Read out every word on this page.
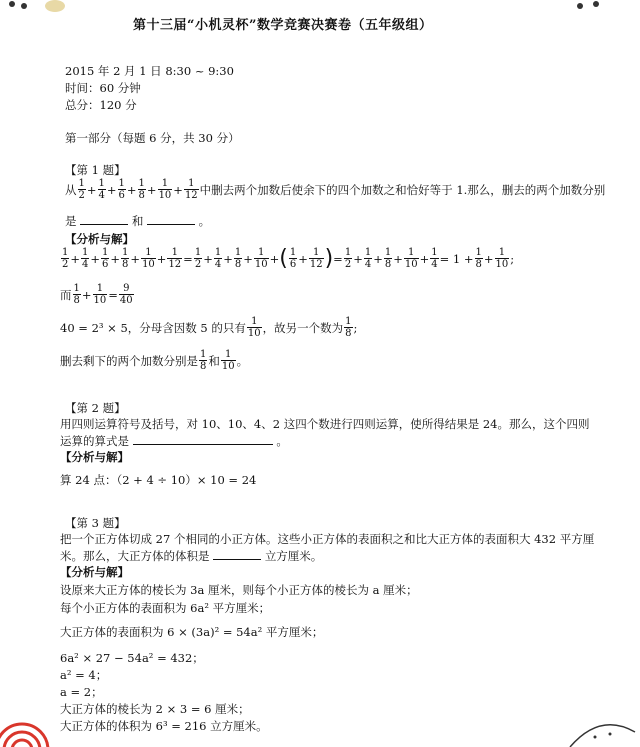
第十三届“小机灵杯”数学竞赛决赛卷（五年级组）
2015 年 2 月 1 日 8:30 ~ 9:30
时间：60 分钟
总分：120 分
第一部分（每题 6 分，共 30 分）
【第 1 题】
从 $\frac{1}{2} + \frac{1}{4} + \frac{1}{6} + \frac{1}{8} + \frac{1}{10} + \frac{1}{12}$ 中删去两个加数后使余下的四个加数之和恰好等于 1.那么，删去的两个加数分别
是	和	。
【分析与解】
$\frac{1}{2} + \frac{1}{4} + \frac{1}{6} + \frac{1}{8} + \frac{1}{10} + \frac{1}{12} = \frac{1}{2} + \frac{1}{4} + \frac{1}{8} + \frac{1}{10}$ + ( $\frac{1}{6} + \frac{1}{12}$ ) = $\frac{1}{2} + \frac{1}{4} + \frac{1}{8} + \frac{1}{10} + \frac{1}{4} = 1 + \frac{1}{8} + \frac{1}{10}$ ;
而 $\frac{1}{8} + \frac{1}{10} = \frac{9}{40}$
40 = 2³ × 5，分母含因数 5 的只有 $\frac{1}{10}$ ，故另一个数为 $\frac{1}{8}$ ;
删去剩下的两个加数分别是 $\frac{1}{8}$ 和 $\frac{1}{10}$ 。
【第 2 题】
用四则运算符号及括号，对 10、10、4、2 这四个数进行四则运算，使所得结果是 24。那么，这个四则
运算的算式是	。
【分析与解】
算 24 点：（2 + 4 ÷ 10）× 10 = 24
【第 3 题】
把一个正方体切成 27 个相同的小正方体。这些小正方体的表面积之和比大正方体的表面积大 432 平方厘
米。那么，大正方体的体积是	立方厘米。
【分析与解】
设原来大正方体的棱长为 3a 厘米，则每个小正方体的棱长为 a 厘米；
每个小正方体的表面积为 6a² 平方厘米；
大正方体的表面积为 6 × (3a)² = 54a² 平方厘米；
6a² × 27 − 54a² = 432；
a² = 4；
a = 2；
大正方体的棱长为 2 × 3 = 6 厘米；
大正方体的体积为 6³ = 216 立方厘米。
